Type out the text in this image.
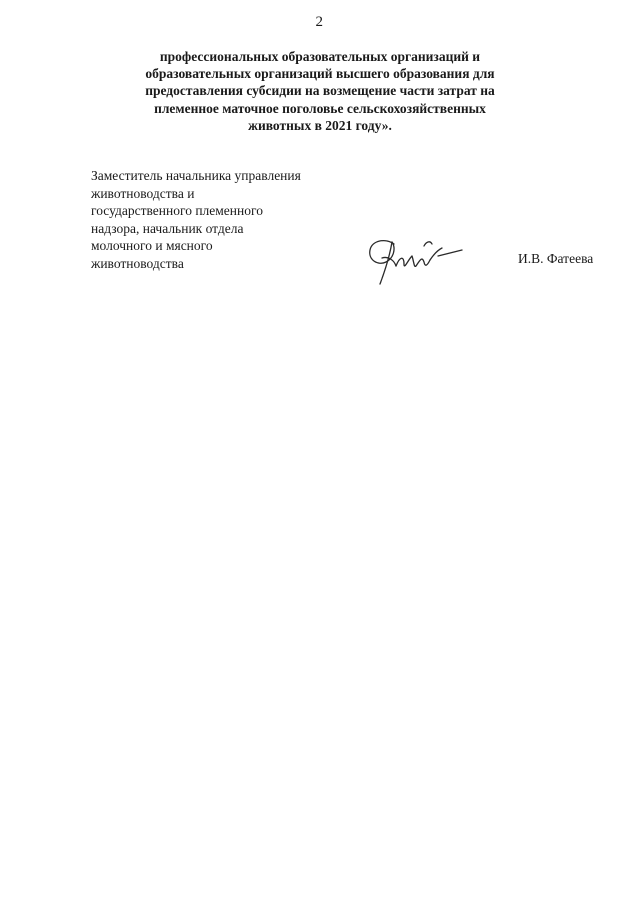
2
профессиональных образовательных организаций и
образовательных организаций высшего образования для
предоставления субсидии на возмещение части затрат на
племенное маточное поголовье сельскохозяйственных
животных в 2021 году».
Заместитель начальника управления
животноводства и
государственного племенного
надзора, начальник отдела
молочного и мясного
животноводства	И.В. Фатеева
